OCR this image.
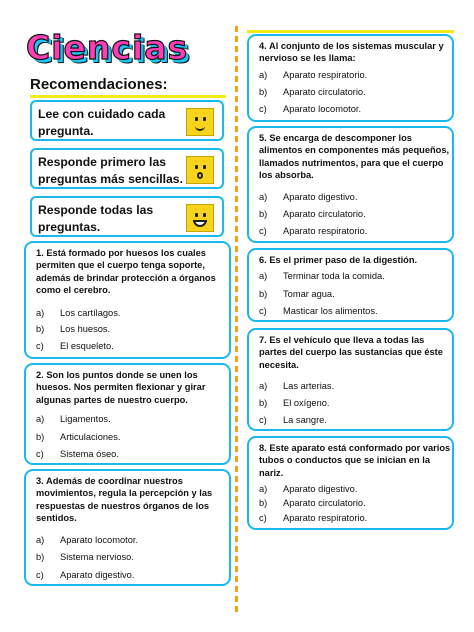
Ciencias
Recomendaciones:
Lee con cuidado cada pregunta.
Responde primero las preguntas más sencillas.
Responde todas las preguntas.
1. Está formado por huesos los cuales permiten que el cuerpo tenga soporte, además de brindar protección a órganos como el cerebro.
a) Los cartílagos.
b) Los huesos.
c) El esqueleto.
2. Son los puntos donde se unen los huesos. Nos permiten flexionar y girar algunas partes de nuestro cuerpo.
a) Ligamentos.
b) Articulaciones.
c) Sistema óseo.
3. Además de coordinar nuestros movimientos, regula la percepción y las respuestas de nuestros órganos de los sentidos.
a) Aparato locomotor.
b) Sistema nervioso.
c) Aparato digestivo.
4. Al conjunto de los sistemas muscular y nervioso se les llama:
a) Aparato respiratorio.
b) Aparato circulatorio.
c) Aparato locomotor.
5. Se encarga de descomponer los alimentos en componentes más pequeños, llamados nutrimentos, para que el cuerpo los absorba.
a) Aparato digestivo.
b) Aparato circulatorio.
c) Aparato respiratorio.
6. Es el primer paso de la digestión.
a) Terminar toda la comida.
b) Tomar agua.
c) Masticar los alimentos.
7. Es el vehículo que lleva a todas las partes del cuerpo las sustancias que éste necesita.
a) Las arterias.
b) El oxígeno.
c) La sangre.
8. Este aparato está conformado por varios tubos o conductos que se inician en la nariz.
a) Aparato digestivo.
b) Aparato circulatorio.
c) Aparato respiratorio.
